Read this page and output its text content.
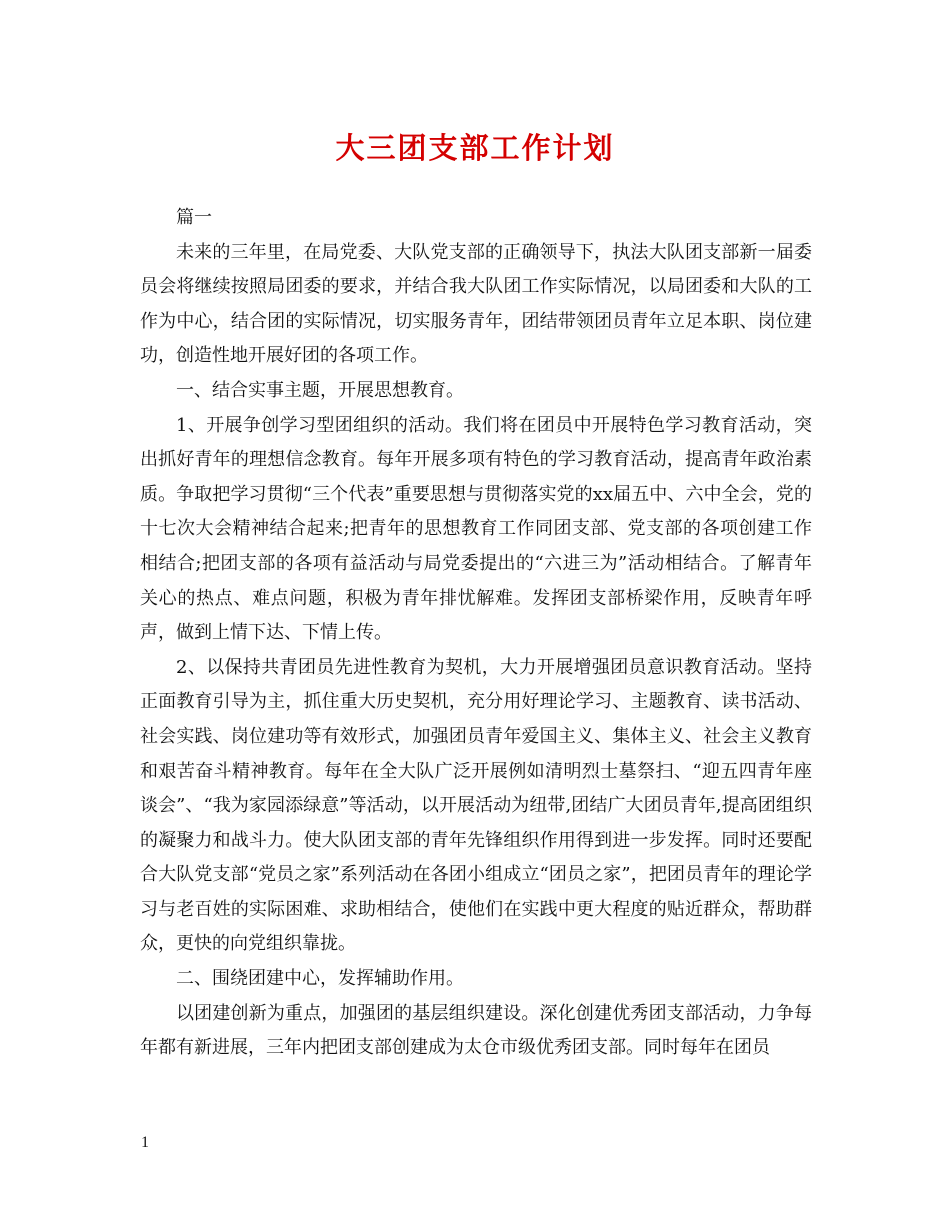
大三团支部工作计划

篇一

未来的三年里，在局党委、大队党支部的正确领导下，执法大队团支部新一届委员会将继续按照局团委的要求，并结合我大队团工作实际情况，以局团委和大队的工作为中心，结合团的实际情况，切实服务青年，团结带领团员青年立足本职、岗位建功，创造性地开展好团的各项工作。

一、结合实事主题，开展思想教育。

1、开展争创学习型团组织的活动。我们将在团员中开展特色学习教育活动，突出抓好青年的理想信念教育。每年开展多项有特色的学习教育活动，提高青年政治素质。争取把学习贯彻“三个代表”重要思想与贯彻落实党的xx届五中、六中全会，党的十七次大会精神结合起来;把青年的思想教育工作同团支部、党支部的各项创建工作相结合;把团支部的各项有益活动与局党委提出的“六进三为”活动相结合。了解青年关心的热点、难点问题，积极为青年排忧解难。发挥团支部桥梁作用，反映青年呼声，做到上情下达、下情上传。

2、以保持共青团员先进性教育为契机，大力开展增强团员意识教育活动。坚持正面教育引导为主，抓住重大历史契机，充分用好理论学习、主题教育、读书活动、社会实践、岗位建功等有效形式，加强团员青年爱国主义、集体主义、社会主义教育和艰苦奋斗精神教育。每年在全大队广泛开展例如清明烈士墓祭扫、“迎五四青年座谈会”、“我为家园添绿意”等活动，以开展活动为纽带,团结广大团员青年,提高团组织的凝聚力和战斗力。使大队团支部的青年先锋组织作用得到进一步发挥。同时还要配合大队党支部“党员之家”系列活动在各团小组成立“团员之家”，把团员青年的理论学习与老百姓的实际困难、求助相结合，使他们在实践中更大程度的贴近群众，帮助群众，更快的向党组织靠拢。

二、围绕团建中心，发挥辅助作用。

以团建创新为重点，加强团的基层组织建设。深化创建优秀团支部活动，力争每年都有新进展，三年内把团支部创建成为太仓市级优秀团支部。同时每年在团员

1
